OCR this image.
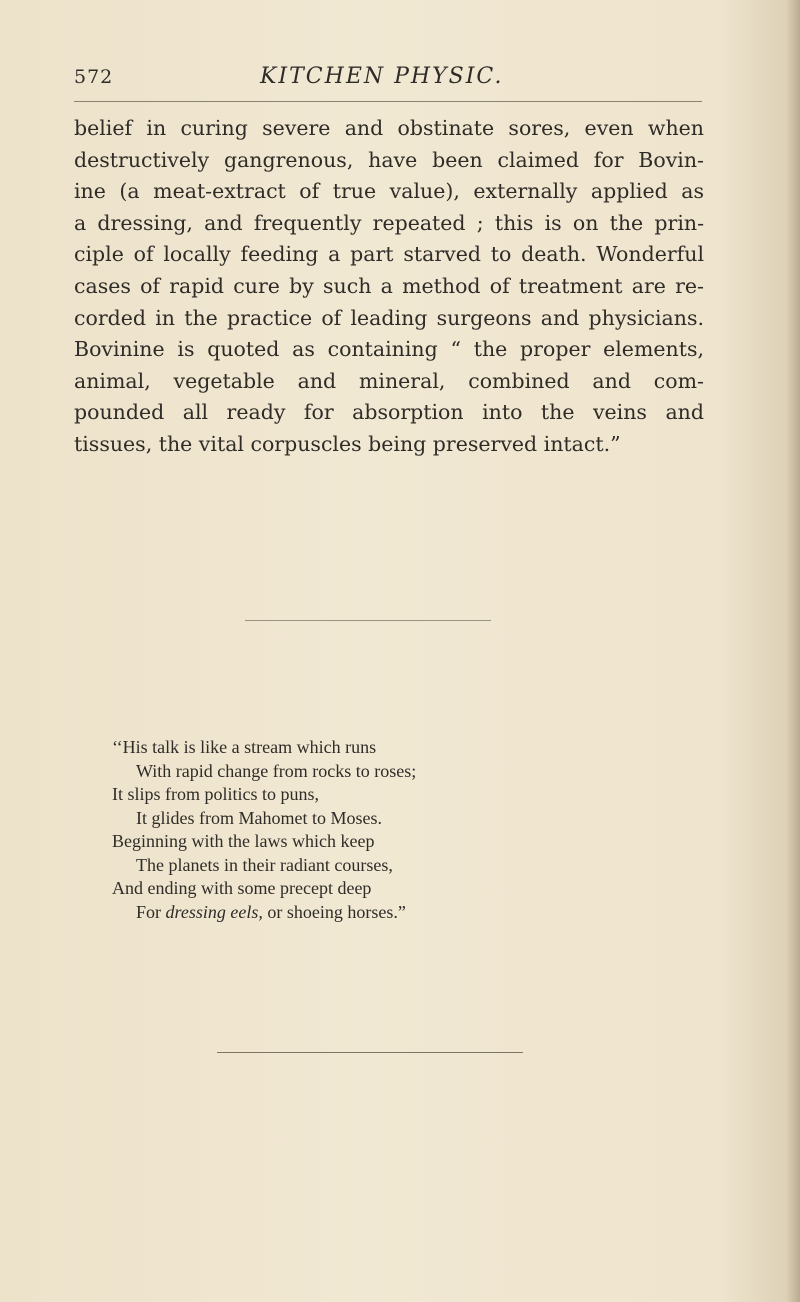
572	KITCHEN PHYSIC.
belief in curing severe and obstinate sores, even when
destructively gangrenous, have been claimed for Bovin-
ine (a meat-extract of true value), externally applied as
a dressing, and frequently repeated ; this is on the prin-
ciple of locally feeding a part starved to death. Wonderful
cases of rapid cure by such a method of treatment are re-
corded in the practice of leading surgeons and physicians.
Bovinine is quoted as containing “ the proper elements,
animal, vegetable and mineral, combined and com-
pounded all ready for absorption into the veins and
tissues, the vital corpuscles being preserved intact.”
‘‘His talk is like a stream which runs
With rapid change from rocks to roses;
It slips from politics to puns,
It glides from Mahomet to Moses.
Beginning with the laws which keep
The planets in their radiant courses,
And ending with some precept deep
For dressing eels, or shoeing horses.”
